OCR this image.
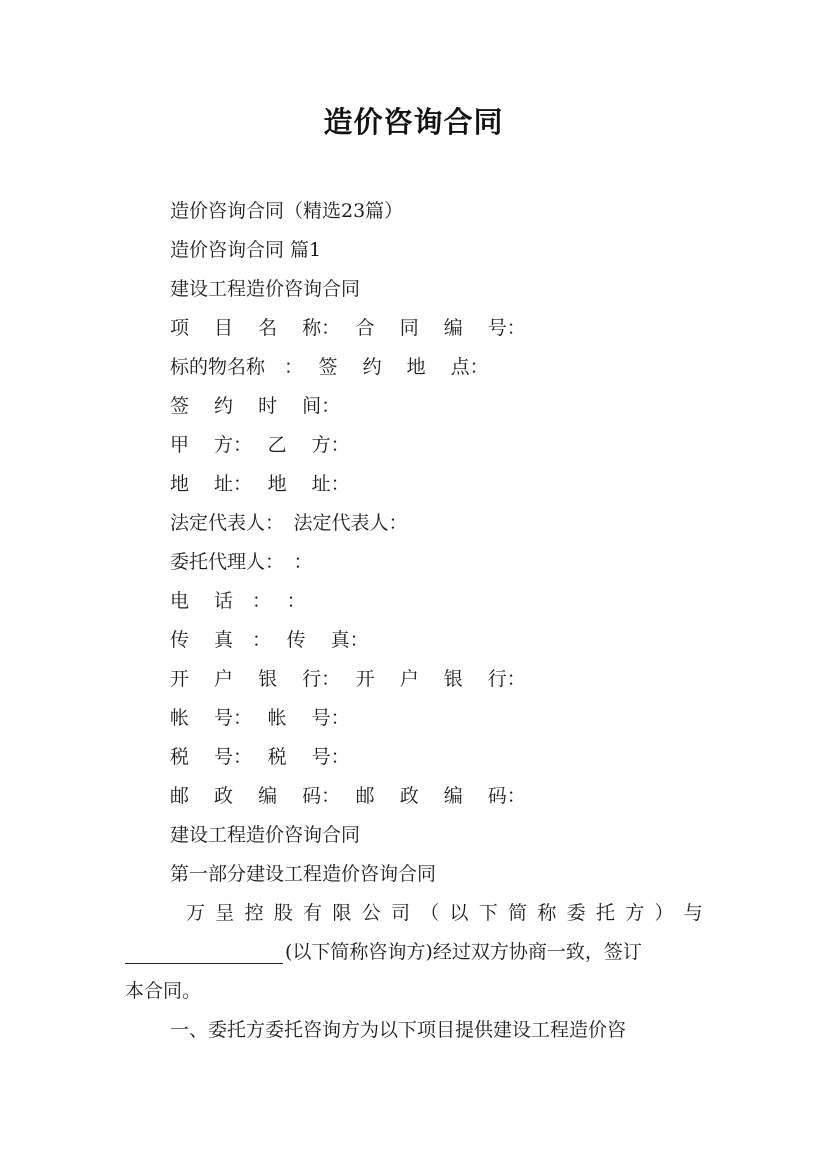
造价咨询合同
造价咨询合同（精选23篇）
造价咨询合同 篇1
建设工程造价咨询合同
项　 目　 名　 称：　 合　 同　 编　 号：
标的物名称　：　 签　 约　 地　 点：
签　 约　 时　 间：
甲　 方：　 乙　 方：
地　 址：　 地　 址：
法定代表人：　法定代表人：
委托代理人：　：
电　 话　：　 ：
传　 真　：　 传　 真：
开　 户　 银　 行：　 开　 户　 银　 行：
帐　 号：　 帐　 号：
税　 号：　 税　 号：
邮　 政　 编　 码：　 邮　 政　 编　 码：
建设工程造价咨询合同
第一部分建设工程造价咨询合同
万 呈 控 股 有 限 公 司 （ 以 下 简 称 委 托 方 ） 与
(以下简称咨询方)经过双方协商一致，签订
本合同。
一、委托方委托咨询方为以下项目提供建设工程造价咨
